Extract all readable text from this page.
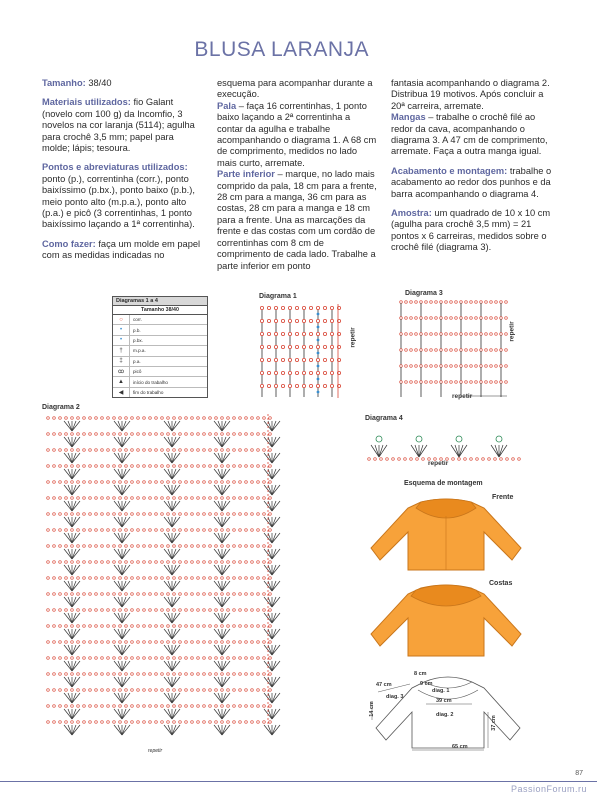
BLUSA LARANJA

Tamanho: 38/40

Materiais utilizados: fio Galant (novelo com 100 g) da Incomfio, 3 novelos na cor laranja (5114); agulha para crochê 3,5 mm; papel para molde; lápis; tesoura.

Pontos e abreviaturas utilizados: ponto (p.), correntinha (corr.), ponto baixíssimo (p.bx.), ponto baixo (p.b.), meio ponto alto (m.p.a.), ponto alto (p.a.) e picô (3 correntinhas, 1 ponto baixíssimo laçando a 1ª correntinha).

Como fazer: faça um molde em papel com as medidas indicadas no

esquema para acompanhar durante a execução.

Pala – faça 16 correntinhas, 1 ponto baixo laçando a 2ª correntinha a contar da agulha e trabalhe acompanhando o diagrama 1. A 68 cm de comprimento, medidos no lado mais curto, arremate.

Parte inferior – marque, no lado mais comprido da pala, 18 cm para a frente, 28 cm para a manga, 36 cm para as costas, 28 cm para a manga e 18 cm para a frente. Una as marcações da frente e das costas com um cordão de correntinhas com 8 cm de comprimento de cada lado. Trabalhe a parte inferior em ponto

fantasia acompanhando o diagrama 2. Distribua 19 motivos. Após concluir a 20ª carreira, arremate.

Mangas – trabalhe o crochê filé ao redor da cava, acompanhando o diagrama 3. A 47 cm de comprimento, arremate. Faça a outra manga igual.

Acabamento e montagem: trabalhe o acabamento ao redor dos punhos e da barra acompanhando o diagrama 4.

Amostra: um quadrado de 10 x 10 cm (agulha para crochê 3,5 mm) = 21 pontos x 6 carreiras, medidos sobre o crochê filé (diagrama 3).

Diagramas 1 a 4
Tamanho 38/40
○	corr.
•	p.b.
•	p.bx.
†	m.p.a.
‡	p.a.
ꝏ	picô
▲	início do trabalho
◀	fim do trabalho
Diagrama 1	Diagrama 3
Diagrama 2
Diagrama 4
Esquema de montagem
Frente
Costas
repetir	repetir
repetir
repetir
repetir
47 cm
8 cm
9 cm
diag. 1
diag. 3
39 cm
14 cm	diag. 2
37 cm
65 cm
87
PassionForum.ru
